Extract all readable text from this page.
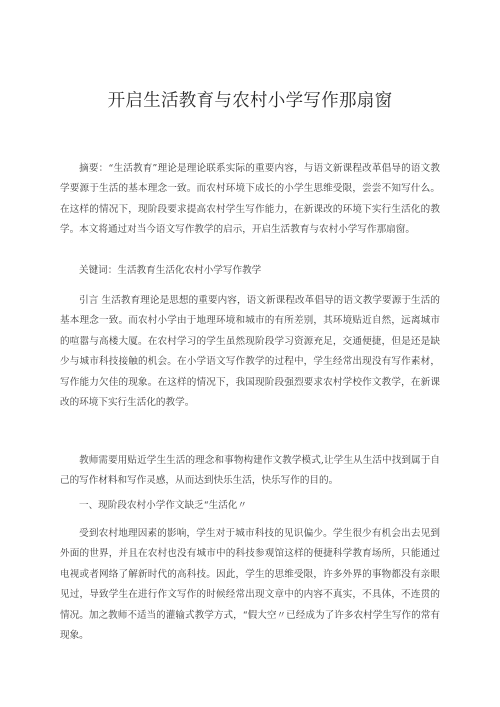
开启生活教育与农村小学写作那扇窗

摘要：“生活教育”理论是理论联系实际的重要内容，与语文新课程改革倡导的语文教学要源于生活的基本理念一致。而农村环境下成长的小学生思维受限，尝尝不知写什么。在这样的情况下，现阶段要求提高农村学生写作能力，在新课改的环境下实行生活化的教学。本文将通过对当今语文写作教学的启示，开启生活教育与农村小学写作那扇窗。

关键词：生活教育生活化农村小学写作教学

引言 生活教育理论是思想的重要内容，语文新课程改革倡导的语文教学要源于生活的基本理念一致。而农村小学由于地理环境和城市的有所差别，其环境贴近自然，远离城市的喧嚣与高楼大厦。在农村学习的学生虽然现阶段学习资源充足，交通便捷，但是还是缺少与城市科技接触的机会。在小学语文写作教学的过程中，学生经常出现没有写作素材，写作能力欠佳的现象。在这样的情况下，我国现阶段强烈要求农村学校作文教学，在新课改的环境下实行生活化的教学。

教师需要用贴近学生生活的理念和事物构建作文教学模式,让学生从生活中找到属于自己的写作材料和写作灵感，从而达到快乐生活，快乐写作的目的。

一、现阶段农村小学作文缺乏“生活化〃

受到农村地理因素的影响，学生对于城市科技的见识偏少。学生很少有机会出去见到外面的世界，并且在农村也没有城市中的科技参观馆这样的便捷科学教育场所，只能通过电视或者网络了解新时代的高科技。因此，学生的思维受限，许多外界的事物都没有亲眼见过，导致学生在进行作文写作的时候经常出现文章中的内容不真实，不具体，不连贯的情况。加之教师不适当的灌输式教学方式，“假大空〃已经成为了许多农村学生写作的常有现象。
